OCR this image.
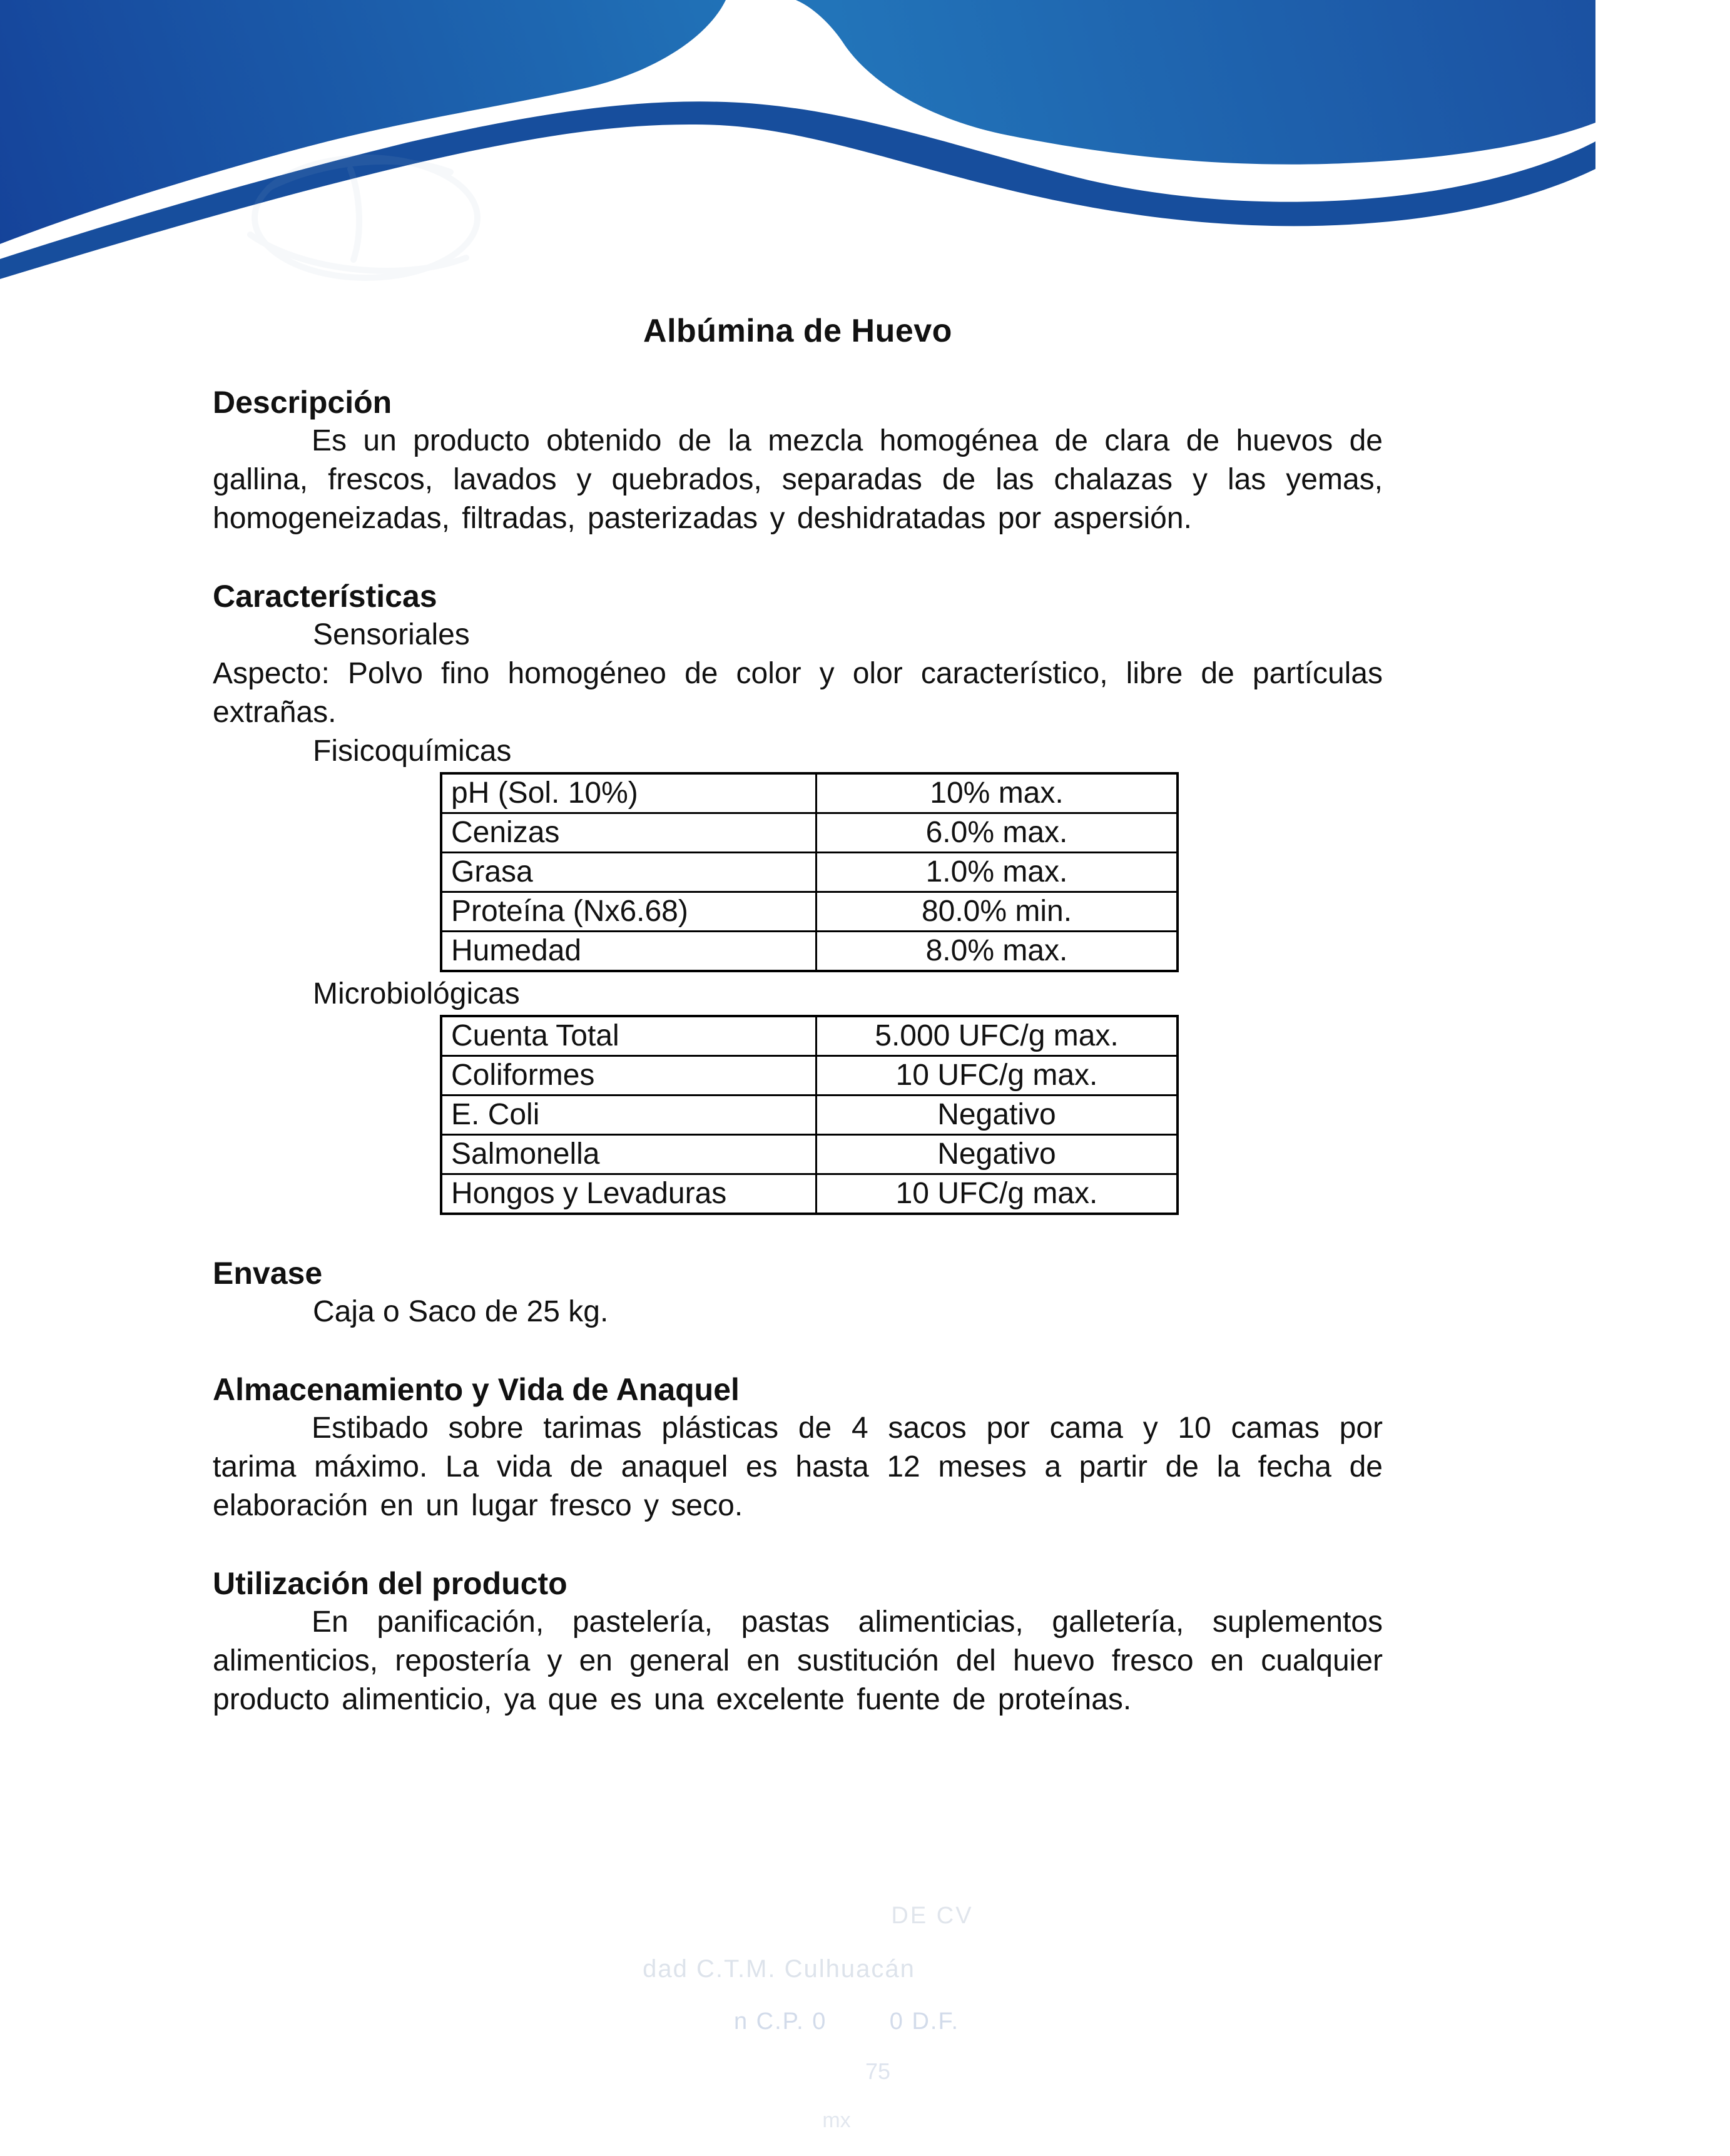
Albúmina de Huevo
Descripción

Es un producto obtenido de la mezcla homogénea de clara de huevos de gallina, frescos, lavados y quebrados, separadas de las chalazas y las yemas, homogeneizadas, filtradas, pasterizadas y deshidratadas por aspersión.

Características
Sensoriales

Aspecto: Polvo fino homogéneo de color y olor característico, libre de partículas extrañas.

Fisicoquímicas
pH (Sol. 10%)	10% max.
Cenizas	6.0% max.
Grasa	1.0% max.
Proteína (Nx6.68)	80.0% min.
Humedad	8.0% max.
Microbiológicas
Cuenta Total	5.000 UFC/g max.
Coliformes	10 UFC/g max.
E. Coli	Negativo
Salmonella	Negativo
Hongos y Levaduras	10 UFC/g max.
Envase
Caja o Saco de 25 kg.
Almacenamiento y Vida de Anaquel

Estibado sobre tarimas plásticas de 4 sacos por cama y 10 camas por tarima máximo. La vida de anaquel es hasta 12 meses a partir de la fecha de elaboración en un lugar fresco y seco.

Utilización del producto

En panificación, pastelería, pastas alimenticias, galletería, suplementos alimenticios, repostería y en general en sustitución del huevo fresco en cualquier producto alimenticio, ya que es una excelente fuente de proteínas.

DE CV

dad C.T.M. Culhuacán

n C.P. 0        0 D.F.

75

mx
